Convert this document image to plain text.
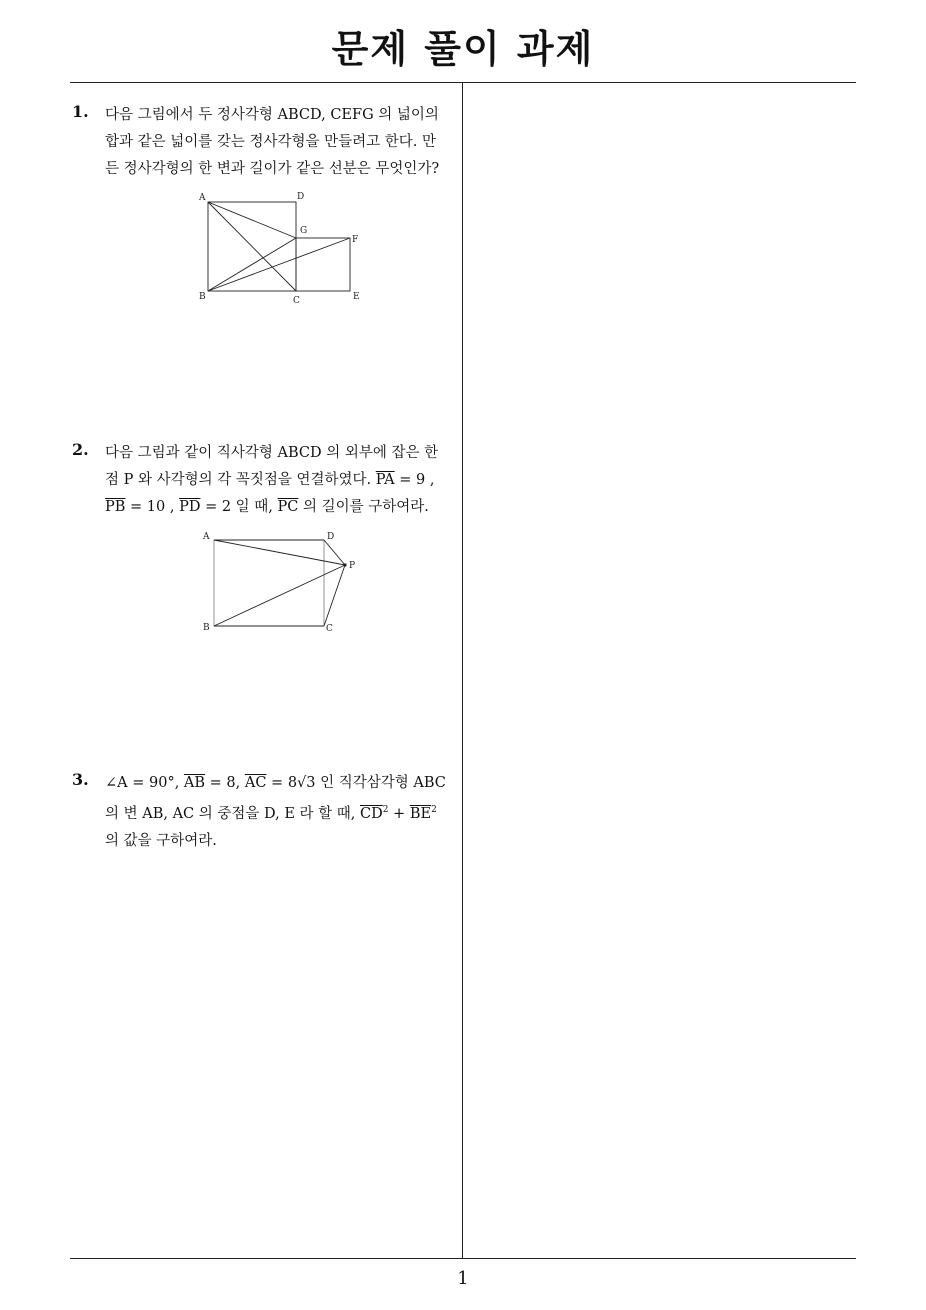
문제 풀이 과제
1. 다음 그림에서 두 정사각형 ABCD, CEFG 의 넓이의
합과 같은 넓이를 갖는 정사각형을 만들려고 한다. 만
든 정사각형의 한 변과 길이가 같은 선분은 무엇인가?
A	D
G
F
B	C	E
2. 다음 그림과 같이 직사각형 ABCD 의 외부에 잡은 한
점 P 와 사각형의 각 꼭짓점을 연결하였다. $\overline{PA} = 9$ ,
$\overline{PB} = 10$ , $\overline{PD} = 2$ 일 때, $\overline{PC}$ 의 길이를 구하여라.
A	D
P
B	C
3. ∠A = 90°, $\overline{AB} = 8$, $\overline{AC} = 8√3$ 인 직각삼각형 ABC
의 변 AB, AC 의 중점을 D, E 라 할 때, $\overline{CD}^2 + \overline{BE}^2$
의 값을 구하여라.
1
